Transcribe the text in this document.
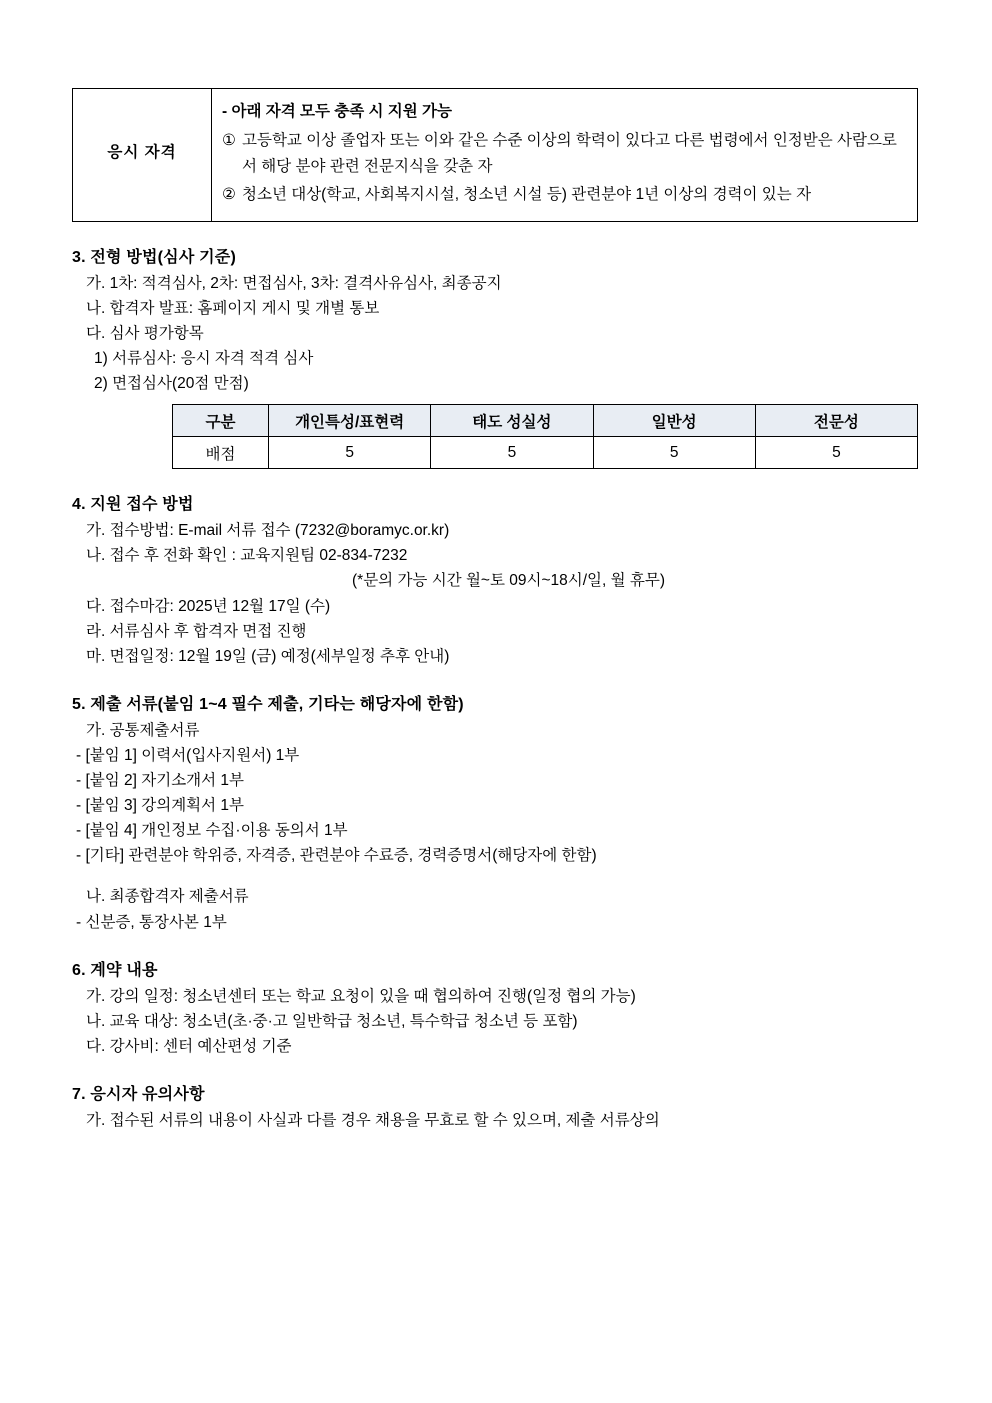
응시 자격	
- 아래 자격 모두 충족 시 지원 가능
① 고등학교 이상 졸업자 또는 이와 같은 수준 이상의 학력이 있다고 다른 법령에서 인정받은 사람으로서 해당 분야 관련 전문지식을 갖춘 자
② 청소년 대상(학교, 사회복지시설, 청소년 시설 등) 관련분야 1년 이상의 경력이 있는 자
3. 전형 방법(심사 기준)
가. 1차: 적격심사, 2차: 면접심사, 3차: 결격사유심사, 최종공지
나. 합격자 발표: 홈페이지 게시 및 개별 통보
다. 심사 평가항목
1) 서류심사: 응시 자격 적격 심사
2) 면접심사(20점 만점)
구분	개인특성/표현력	태도 성실성	일반성	전문성
배점	5	5	5	5
4. 지원 접수 방법
가. 접수방법: E-mail 서류 접수 (7232@boramyc.or.kr)
나. 접수 후 전화 확인 : 교육지원팀 02-834-7232
(*문의 가능 시간 월~토 09시~18시/일, 월 휴무)
다. 접수마감: 2025년 12월 17일 (수)
라. 서류심사 후 합격자 면접 진행
마. 면접일정: 12월 19일 (금) 예정(세부일정 추후 안내)
5. 제출 서류(붙임 1~4 필수 제출, 기타는 해당자에 한함)
가. 공통제출서류
- [붙임 1] 이력서(입사지원서) 1부
- [붙임 2] 자기소개서 1부
- [붙임 3] 강의계획서 1부
- [붙임 4] 개인정보 수집·이용 동의서 1부
- [기타] 관련분야 학위증, 자격증, 관련분야 수료증, 경력증명서(해당자에 한함)
나. 최종합격자 제출서류
- 신분증, 통장사본 1부
6. 계약 내용
가. 강의 일정: 청소년센터 또는 학교 요청이 있을 때 협의하여 진행(일정 협의 가능)
나. 교육 대상: 청소년(초·중·고 일반학급 청소년, 특수학급 청소년 등 포함)
다. 강사비: 센터 예산편성 기준
7. 응시자 유의사항
가. 접수된 서류의 내용이 사실과 다를 경우 채용을 무효로 할 수 있으며, 제출 서류상의
